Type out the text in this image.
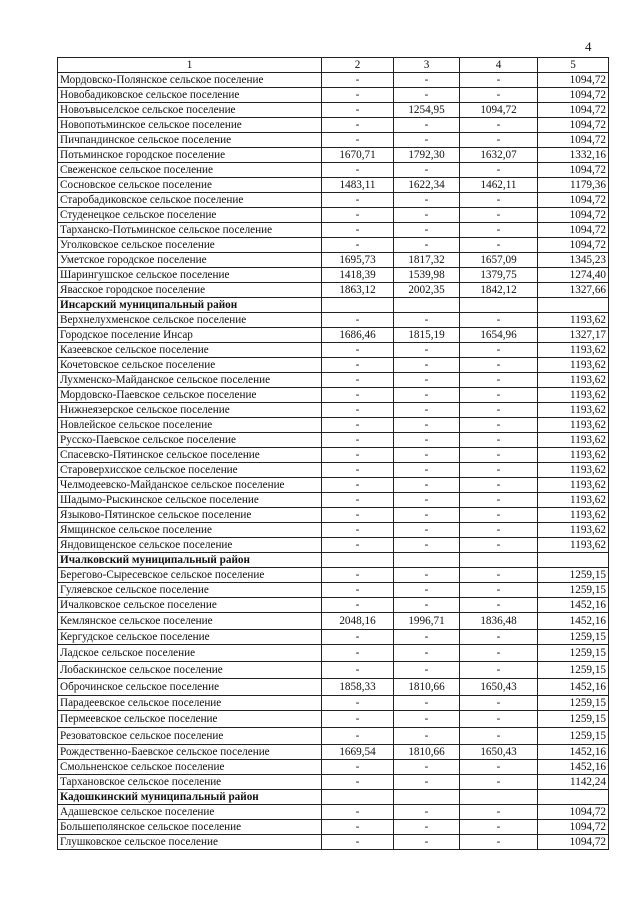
4
1	2	3	4	5
Мордовско-Полянское сельское поселение	-	-	-	1094,72
Новобадиковское сельское поселение	-	-	-	1094,72
Новоъвыселское сельское поселение	-	1254,95	1094,72	1094,72
Новопотьминское сельское поселение	-	-	-	1094,72
Пичпандинское сельское поселение	-	-	-	1094,72
Потьминское городское поселение	1670,71	1792,30	1632,07	1332,16
Свеженское сельское поселение	-	-	-	1094,72
Сосновское сельское поселение	1483,11	1622,34	1462,11	1179,36
Старобадиковское сельское поселение	-	-	-	1094,72
Студенецкое сельское поселение	-	-	-	1094,72
Тарханско-Потьминское сельское поселение	-	-	-	1094,72
Уголковское сельское поселение	-	-	-	1094,72
Уметское городское поселение	1695,73	1817,32	1657,09	1345,23
Шарингушское сельское поселение	1418,39	1539,98	1379,75	1274,40
Явасское городское поселение	1863,12	2002,35	1842,12	1327,66
Инсарский муниципальный район				
Верхнелухменское сельское поселение	-	-	-	1193,62
Городское поселение Инсар	1686,46	1815,19	1654,96	1327,17
Казеевское сельское поселение	-	-	-	1193,62
Кочетовское сельское поселение	-	-	-	1193,62
Лухменско-Майданское сельское поселение	-	-	-	1193,62
Мордовско-Паевское сельское поселение	-	-	-	1193,62
Нижнеязерское сельское поселение	-	-	-	1193,62
Новлейское сельское поселение	-	-	-	1193,62
Русско-Паевское сельское поселение	-	-	-	1193,62
Спасевско-Пятинское сельское поселение	-	-	-	1193,62
Староверхисское сельское поселение	-	-	-	1193,62
Челмодеевско-Майданское сельское поселение	-	-	-	1193,62
Шадымо-Рыскинское сельское поселение	-	-	-	1193,62
Языково-Пятинское сельское поселение	-	-	-	1193,62
Ямщинское сельское поселение	-	-	-	1193,62
Яндовищенское сельское поселение	-	-	-	1193,62
Ичалковский муниципальный район				
Берегово-Сыресевское сельское поселение	-	-	-	1259,15
Гуляевское сельское поселение	-	-	-	1259,15
Ичалковское сельское поселение	-	-	-	1452,16
Кемлянское сельское поселение	2048,16	1996,71	1836,48	1452,16
Кергудское сельское поселение	-	-	-	1259,15
Ладское сельское поселение	-	-	-	1259,15
Лобаскинское сельское поселение	-	-	-	1259,15
Оброчинское сельское поселение	1858,33	1810,66	1650,43	1452,16
Парадеевское сельское поселение	-	-	-	1259,15
Пермеевское сельское поселение	-	-	-	1259,15
Резоватовское сельское поселение	-	-	-	1259,15
Рождественно-Баевское сельское поселение	1669,54	1810,66	1650,43	1452,16
Смольненское сельское поселение	-	-	-	1452,16
Тархановское сельское поселение	-	-	-	1142,24
Кадошкинский муниципальный район				
Адашевское сельское поселение	-	-	-	1094,72
Большеполянское сельское поселение	-	-	-	1094,72
Глушковское сельское поселение	-	-	-	1094,72
